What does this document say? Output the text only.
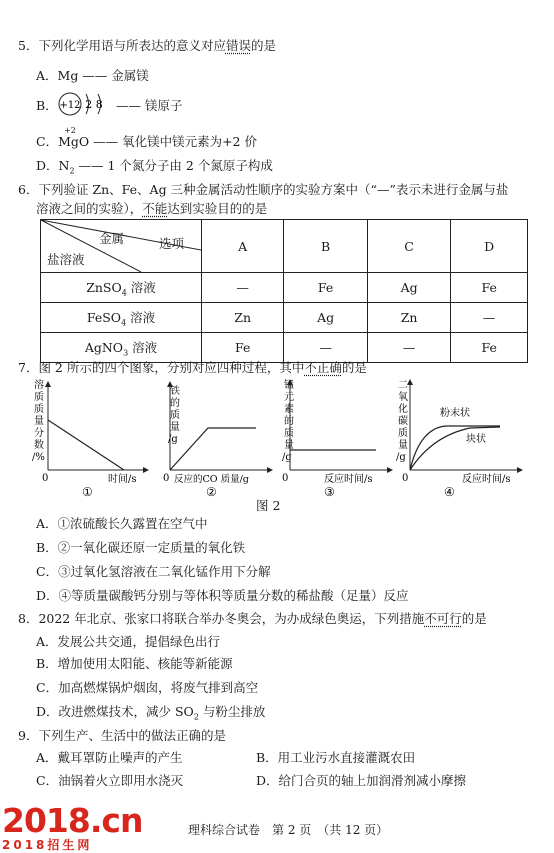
5．下列化学用语与所表达的意义对应错误的是
A．Mg —— 金属镁
B． +12 2 8 —— 镁原子
C．
+2
MgO —— 氧化镁中镁元素为+2 价
D．$N_2$ —— 1 个氮分子由 2 个氮原子构成
6．下列验证 Zn、Fe、Ag 三种金属活动性顺序的实验方案中（“—”表示未进行金属与盐
溶液之间的实验），不能达到实验目的的是
金属 选项
盐溶液	A	B	C	D
ZnSO$_4$ 溶液	—	Fe	Ag	Fe
FeSO$_4$ 溶液	Zn	Ag	Zn	—
AgNO$_3$ 溶液	Fe	—	—	Fe
7．图 2 所示的四个图象，分别对应四种过程，其中不正确的是
溶 质 质 量 分 数 /%
0	时间/s
①
铁 的 质 量 /g
0 反应的CO 质量/g
②
锰 元 素 的 质 量 /g
0	反应时间/s
③
二 氧 化 碳 质 量 /g
粉末状
块状
0	反应时间/s
④
图 2
A．①浓硫酸长久露置在空气中
B．②一氧化碳还原一定质量的氧化铁
C．③过氧化氢溶液在二氧化锰作用下分解
D．④等质量碳酸钙分别与等体积等质量分数的稀盐酸（足量）反应
8．2022 年北京、张家口将联合举办冬奥会，为办成绿色奥运，下列措施不可行的是
A．发展公共交通，提倡绿色出行
B．增加使用太阳能、核能等新能源
C．加高燃煤锅炉烟囱，将废气排到高空
D．改进燃煤技术，减少 $SO_2$ 与粉尘排放
9．下列生产、生活中的做法正确的是
A．戴耳罩防止噪声的产生	B．用工业污水直接灌溉农田
C．油锅着火立即用水浇灭	D．给门合页的轴上加润滑剂减小摩擦
理科综合试卷　第 2 页　（共 12 页）
2018.cn
2018招生网
